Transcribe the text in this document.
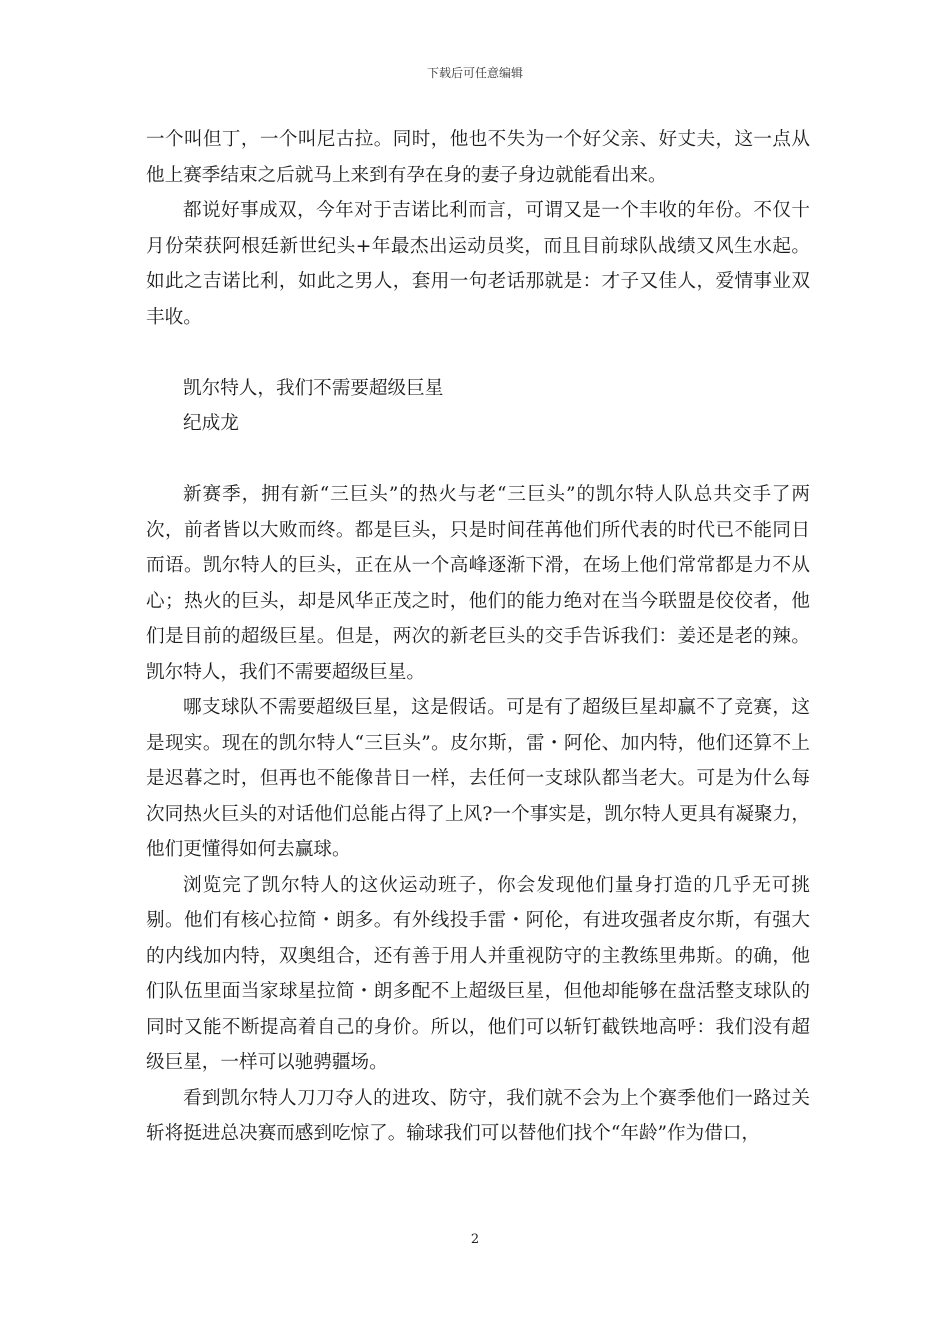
下载后可任意编辑

一个叫但丁，一个叫尼古拉。同时，他也不失为一个好父亲、好丈夫，这一点从他上赛季结束之后就马上来到有孕在身的妻子身边就能看出来。

都说好事成双，今年对于吉诺比利而言，可谓又是一个丰收的年份。不仅十月份荣获阿根廷新世纪头+年最杰出运动员奖，而且目前球队战绩又风生水起。如此之吉诺比利，如此之男人，套用一句老话那就是：才子又佳人，爱情事业双丰收。

凯尔特人，我们不需要超级巨星

纪成龙

新赛季，拥有新“三巨头”的热火与老“三巨头”的凯尔特人队总共交手了两次，前者皆以大败而终。都是巨头，只是时间荏苒他们所代表的时代已不能同日而语。凯尔特人的巨头，正在从一个高峰逐渐下滑，在场上他们常常都是力不从心；热火的巨头，却是风华正茂之时，他们的能力绝对在当今联盟是佼佼者，他们是目前的超级巨星。但是，两次的新老巨头的交手告诉我们：姜还是老的辣。凯尔特人，我们不需要超级巨星。

哪支球队不需要超级巨星，这是假话。可是有了超级巨星却赢不了竞赛，这是现实。现在的凯尔特人“三巨头”。皮尔斯，雷・阿伦、加内特，他们还算不上是迟暮之时，但再也不能像昔日一样，去任何一支球队都当老大。可是为什么每次同热火巨头的对话他们总能占得了上风?一个事实是，凯尔特人更具有凝聚力，他们更懂得如何去赢球。

浏览完了凯尔特人的这伙运动班子，你会发现他们量身打造的几乎无可挑剔。他们有核心拉简・朗多。有外线投手雷・阿伦，有进攻强者皮尔斯，有强大的内线加内特，双奥组合，还有善于用人并重视防守的主教练里弗斯。的确，他们队伍里面当家球星拉简・朗多配不上超级巨星，但他却能够在盘活整支球队的同时又能不断提高着自己的身价。所以，他们可以斩钉截铁地高呼：我们没有超级巨星，一样可以驰骋疆场。

看到凯尔特人刀刀夺人的进攻、防守，我们就不会为上个赛季他们一路过关斩将挺进总决赛而感到吃惊了。输球我们可以替他们找个“年龄”作为借口，

2
